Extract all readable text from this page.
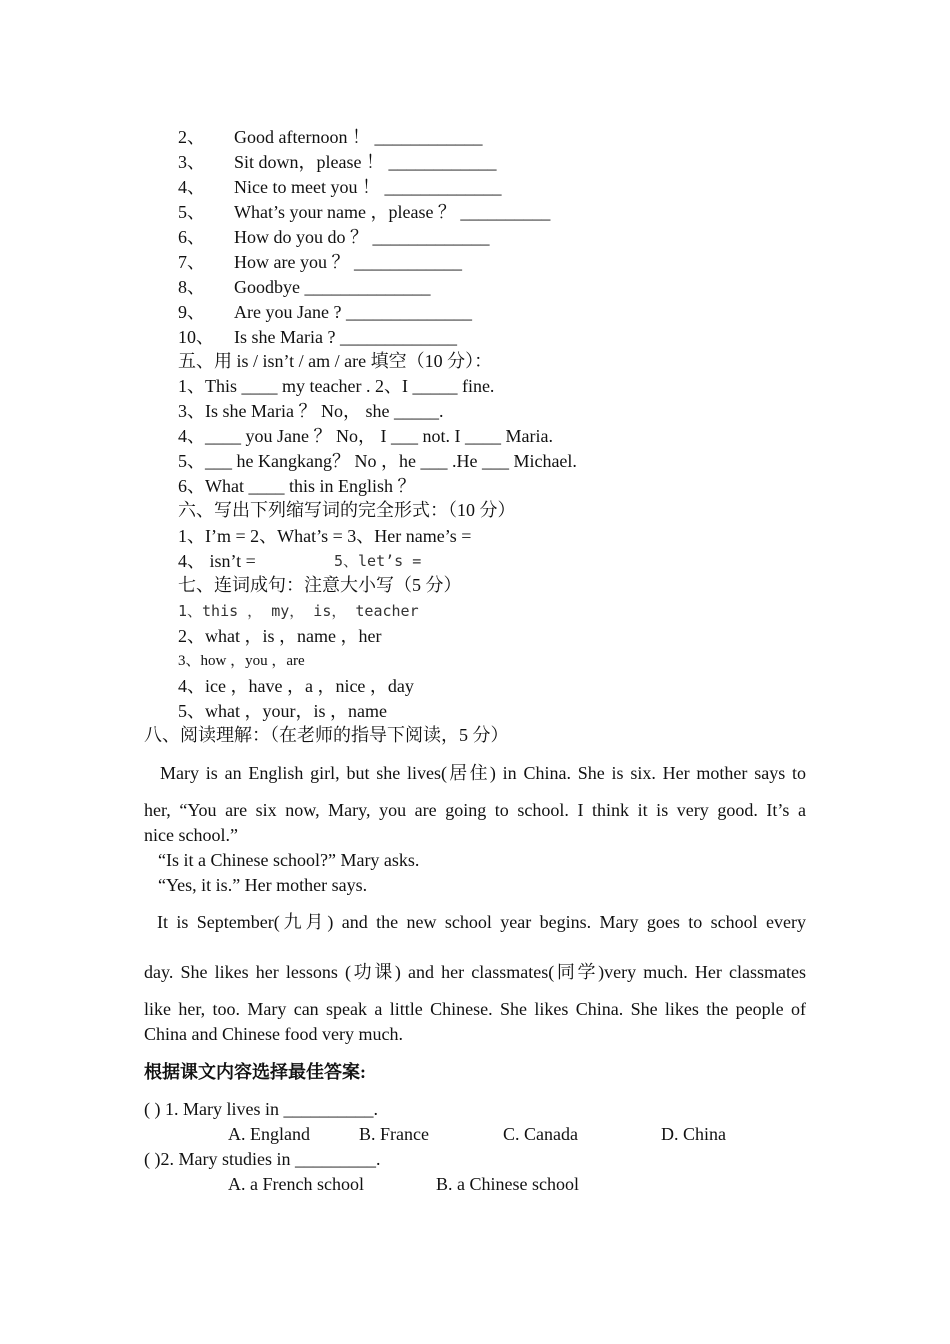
2、 Good afternoon ！ ____________
3、 Sit down，please ！ ____________
4、 Nice to meet you ！ _____________
5、 What’s your name ，please ？ __________
6、 How do you do ？ _____________
7、 How are you ？ ____________
8、 Goodbye ______________
9、 Are you Jane ? ______________
10、 Is she Maria ? _____________
五、用 is / isn’t / am / are 填空（10 分）：
1、This ____ my teacher . 2、I _____ fine.
3、Is she Maria ？ No， she _____.
4、____ you Jane ？ No， I ___ not. I ____ Maria.
5、___ he Kangkang？ No ，he ___ .He ___ Michael.
6、What ____ this in English ？
六、写出下列缩写词的完全形式：（10 分）
1、I’m = 2、What’s = 3、Her name’s =
4、 isn’t =	5、let’s =
七、连词成句：注意大小写（5 分）
1、this ， my， is， teacher
2、what ，is ，name ，her
3、how ，you ，are
4、ice ，have ，a ，nice ，day
5、what ，your，is ，name
八、阅读理解：（在老师的指导下阅读，5 分）
Mary is an English girl, but she lives(居住) in China. She is six. Her mother says to
her, “You are six now, Mary, you are going to school. I think it is very good. It’s a
nice school.”
“Is it a Chinese school?” Mary asks.
“Yes, it is.” Her mother says.
It is September(九月) and the new school year begins. Mary goes to school every
day. She likes her lessons (功课) and her classmates(同学)very much. Her classmates
like her, too. Mary can speak a little Chinese. She likes China. She likes the people of
China and Chinese food very much.
根据课文内容选择最佳答案:
( ) 1. Mary lives in __________.
A. England	B. France	C. Canada	D. China
( )2. Mary studies in _________.
A. a French school	B. a Chinese school
